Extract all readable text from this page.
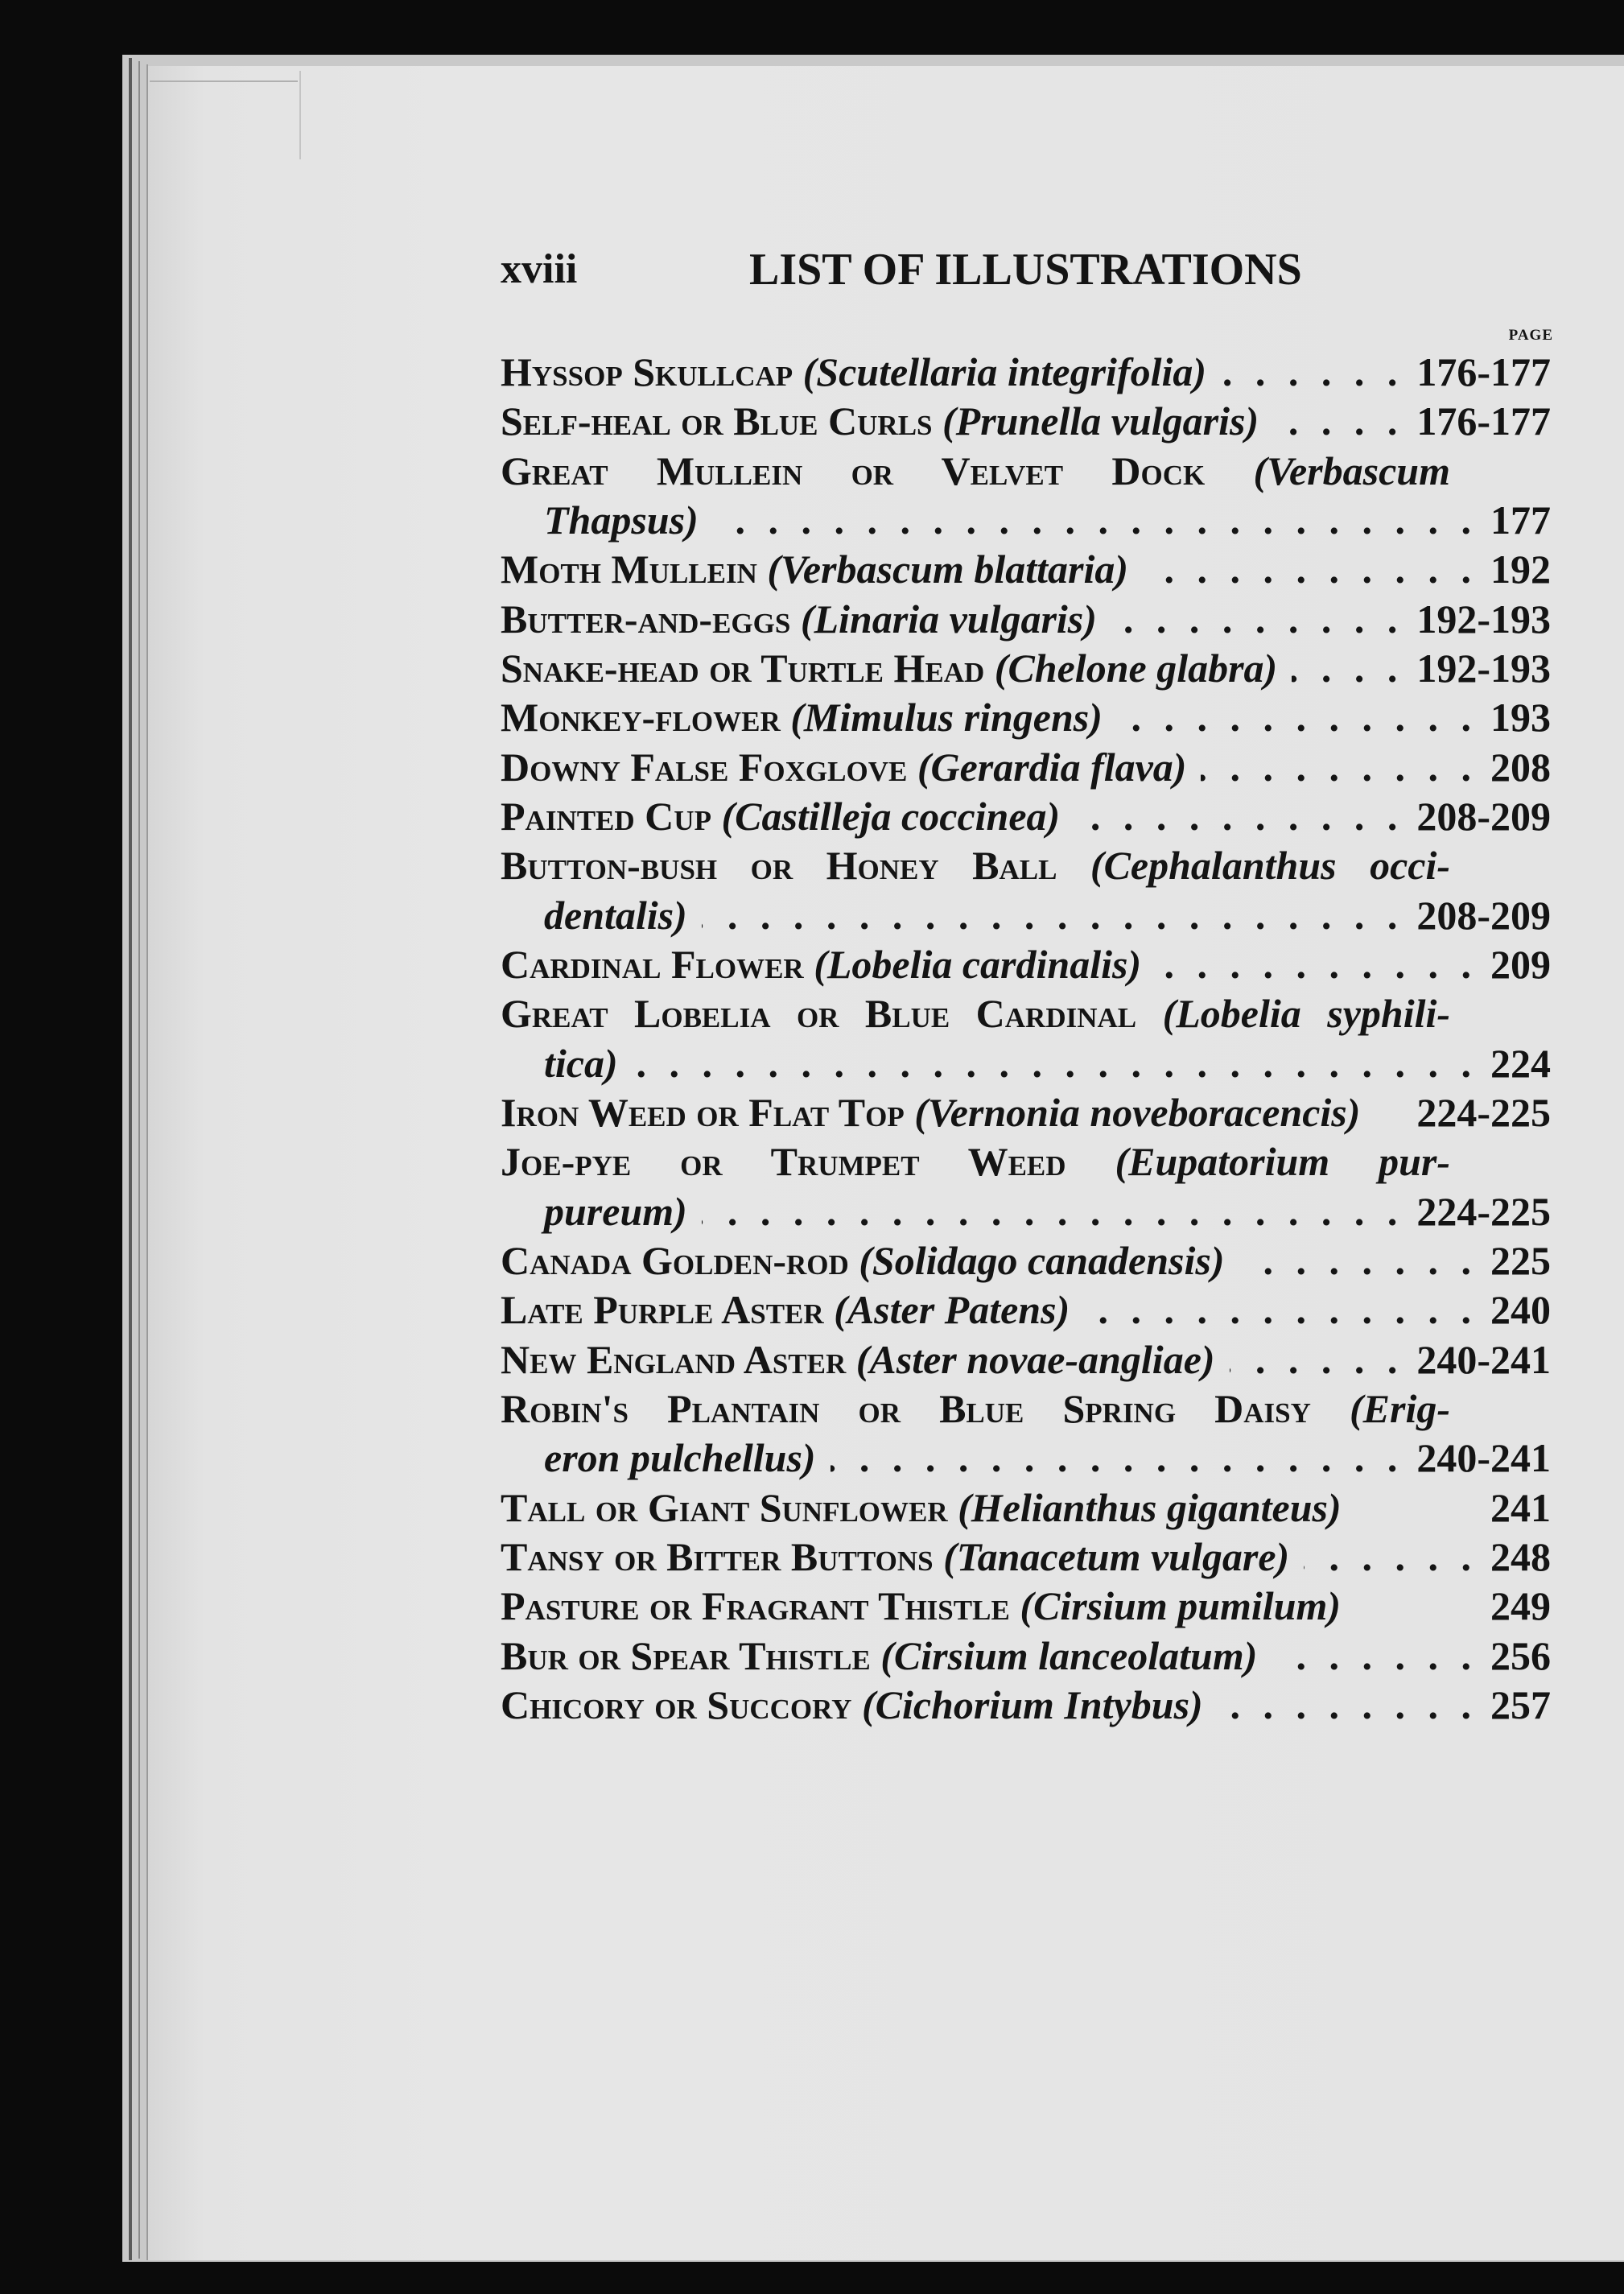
xviii	LIST OF ILLUSTRATIONS
PAGE
Hyssop Skullcap (Scutellaria integrifolia) . . .	176-177
Self-heal or Blue Curls (Prunella vulgaris) . . .	176-177
Great Mullein or Velvet Dock (Verbascum
Thapsus) . . .	177
Moth Mullein (Verbascum blattaria) . . .	192
Butter-and-eggs (Linaria vulgaris) . . .	192-193
Snake-head or Turtle Head (Chelone glabra) . . .	192-193
Monkey-flower (Mimulus ringens) . . .	193
Downy False Foxglove (Gerardia flava) . . .	208
Painted Cup (Castilleja coccinea) . . .	208-209
Button-bush or Honey Ball (Cephalanthus occi-
dentalis) . . .	208-209
Cardinal Flower (Lobelia cardinalis) . . .	209
Great Lobelia or Blue Cardinal (Lobelia syphili-
tica) . . .	224
Iron Weed or Flat Top (Vernonia noveboracencis) 224-225
Joe-pye or Trumpet Weed (Eupatorium pur-
pureum) . . .	224-225
Canada Golden-rod (Solidago canadensis) . . .	225
Late Purple Aster (Aster Patens) . . .	240
New England Aster (Aster novae-angliae) . . .	240-241
Robin's Plantain or Blue Spring Daisy (Erig-
eron pulchellus) . . .	240-241
Tall or Giant Sunflower (Helianthus giganteus)	241
Tansy or Bitter Buttons (Tanacetum vulgare) . . .	248
Pasture or Fragrant Thistle (Cirsium pumilum)	249
Bur or Spear Thistle (Cirsium lanceolatum) . . .	256
Chicory or Succory (Cichorium Intybus) . . .	257
